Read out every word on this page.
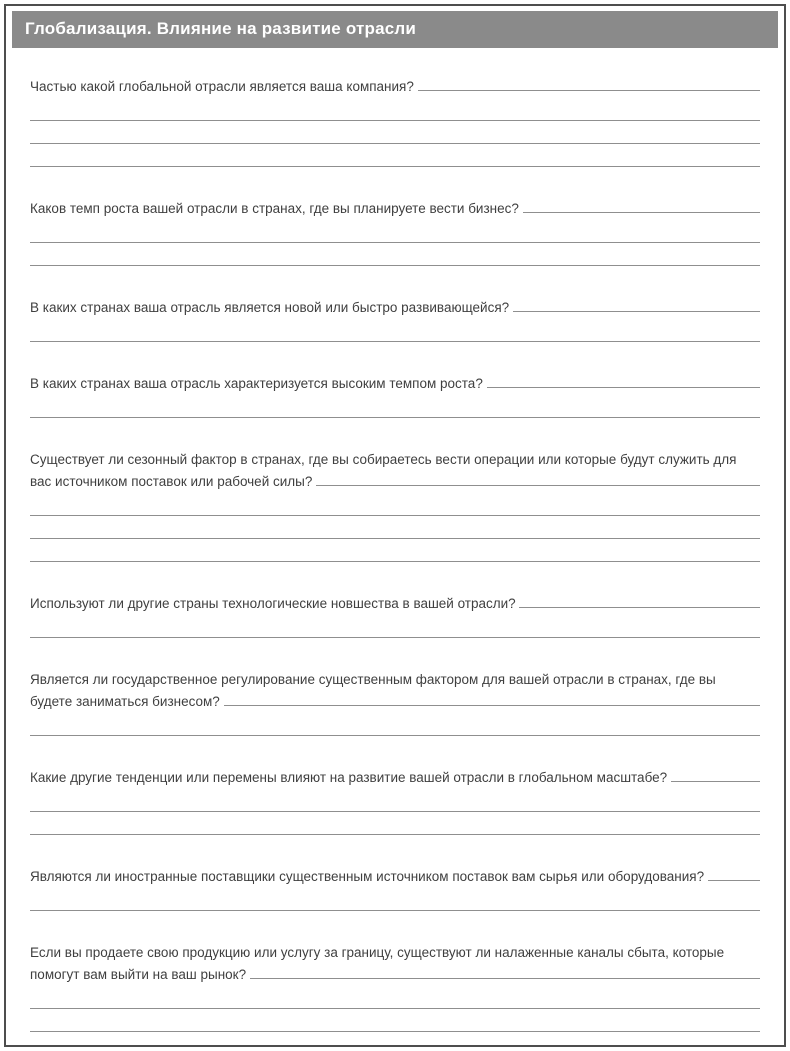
Глобализация. Влияние на развитие отрасли

Частью какой глобальной отрасли является ваша компания?

Каков темп роста вашей отрасли в странах, где вы планируете вести бизнес?

В каких странах ваша отрасль является новой или быстро развивающейся?

В каких странах ваша отрасль характеризуется высоким темпом роста?

Существует ли сезонный фактор в странах, где вы собираетесь вести операции или которые будут служить для вас источником поставок или рабочей силы?

Используют ли другие страны технологические новшества в вашей отрасли?

Является ли государственное регулирование существенным фактором для вашей отрасли в странах, где вы будете заниматься бизнесом?

Какие другие тенденции или перемены влияют на развитие вашей отрасли в глобальном масштабе?

Являются ли иностранные поставщики существенным источником поставок вам сырья или оборудования?

Если вы продаете свою продукцию или услугу за границу, существуют ли налаженные каналы сбыта, которые помогут вам выйти на ваш рынок?
